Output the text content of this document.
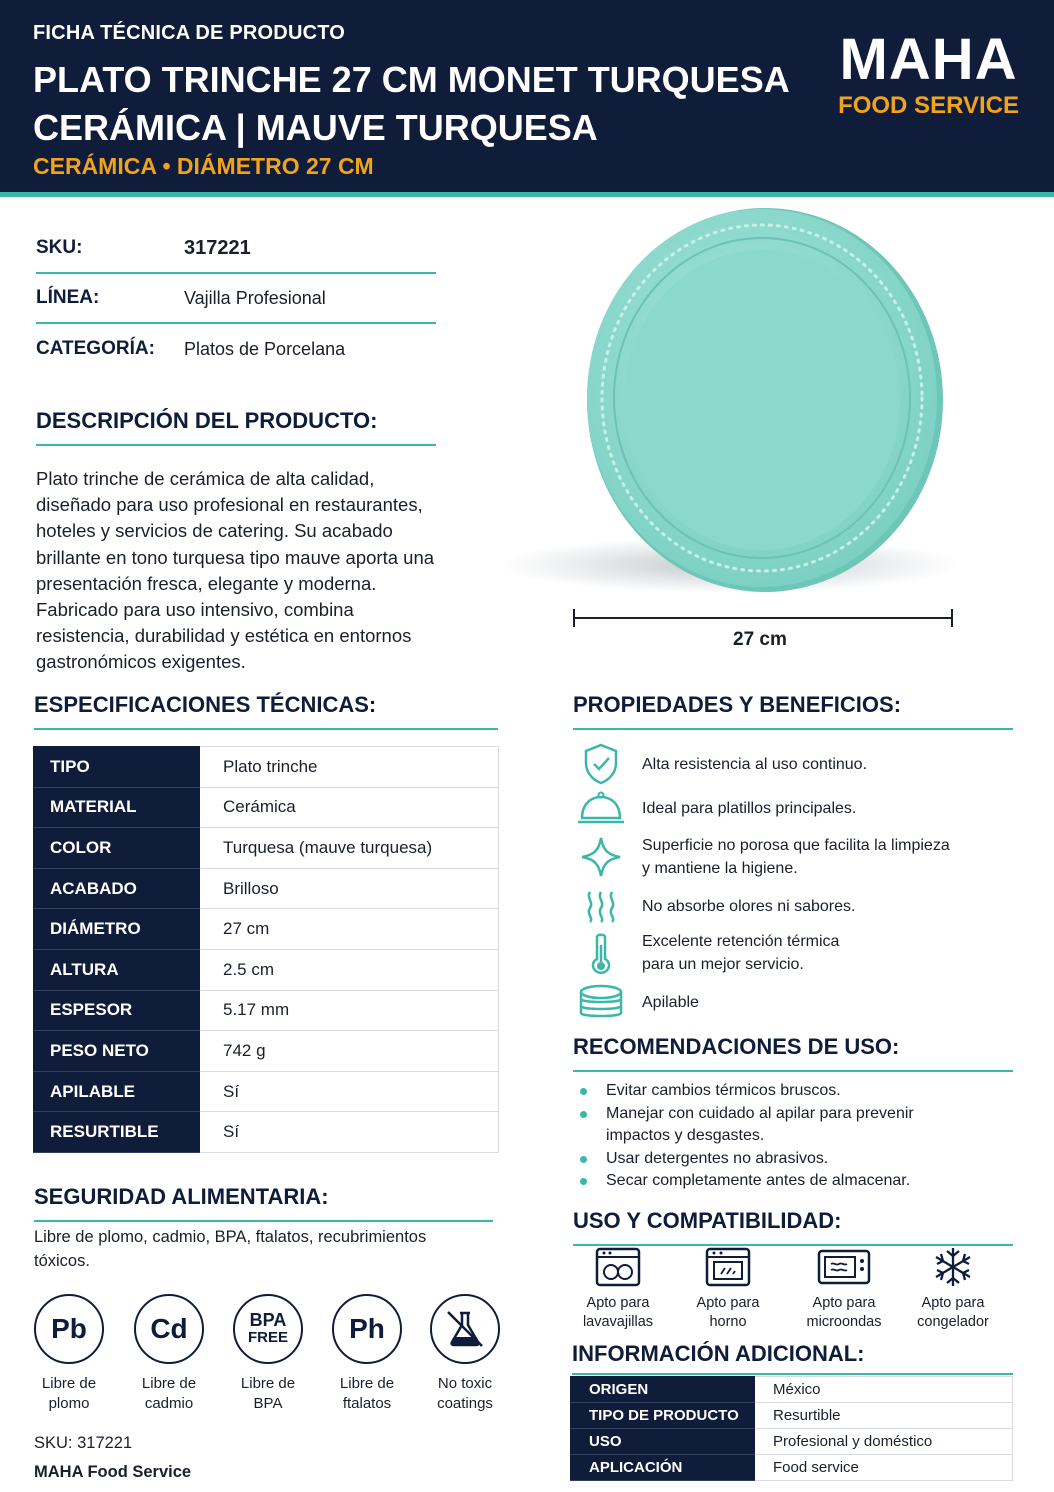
FICHA TÉCNICA DE PRODUCTO
PLATO TRINCHE 27 CM MONET TURQUESA CERÁMICA | MAUVE TURQUESA
CERÁMICA • DIÁMETRO 27 CM
MAHA
FOOD SERVICE
SKU:	317221
LÍNEA:	Vajilla Profesional
CATEGORÍA:	Platos de Porcelana
DESCRIPCIÓN DEL PRODUCTO:
Plato trinche de cerámica de alta calidad, diseñado para uso profesional en restaurantes, hoteles y servicios de catering. Su acabado brillante en tono turquesa tipo mauve aporta una presentación fresca, elegante y moderna. Fabricado para uso intensivo, combina resistencia, durabilidad y estética en entornos gastronómicos exigentes.
27 cm
ESPECIFICACIONES TÉCNICAS:
TIPO	Plato trinche
MATERIAL	Cerámica
COLOR	Turquesa (mauve turquesa)
ACABADO	Brilloso
DIÁMETRO	27 cm
ALTURA	2.5 cm
ESPESOR	5.17 mm
PESO NETO	742 g
APILABLE	Sí
RESURTIBLE	Sí
PROPIEDADES Y BENEFICIOS:
Alta resistencia al uso continuo.
Ideal para platillos principales.
Superficie no porosa que facilita la limpieza
y mantiene la higiene.
No absorbe olores ni sabores.
Excelente retención térmica
para un mejor servicio.
Apilable
RECOMENDACIONES DE USO:
Evitar cambios térmicos bruscos.
Manejar con cuidado al apilar para prevenir
impactos y desgastes.
Usar detergentes no abrasivos.
Secar completamente antes de almacenar.
USO Y COMPATIBILIDAD:
Apto para
lavavajillas
Apto para
horno
Apto para
microondas
Apto para
congelador
INFORMACIÓN ADICIONAL:
ORIGEN	México
TIPO DE PRODUCTO	Resurtible
USO	Profesional y doméstico
APLICACIÓN	Food service
SEGURIDAD ALIMENTARIA:
Libre de plomo, cadmio, BPA, ftalatos, recubrimientos tóxicos.
Pb
Libre de
plomo
Cd
Libre de
cadmio
BPA
FREE
Libre de
BPA
Ph
Libre de
ftalatos
No toxic
coatings
SKU: 317221
MAHA Food Service
